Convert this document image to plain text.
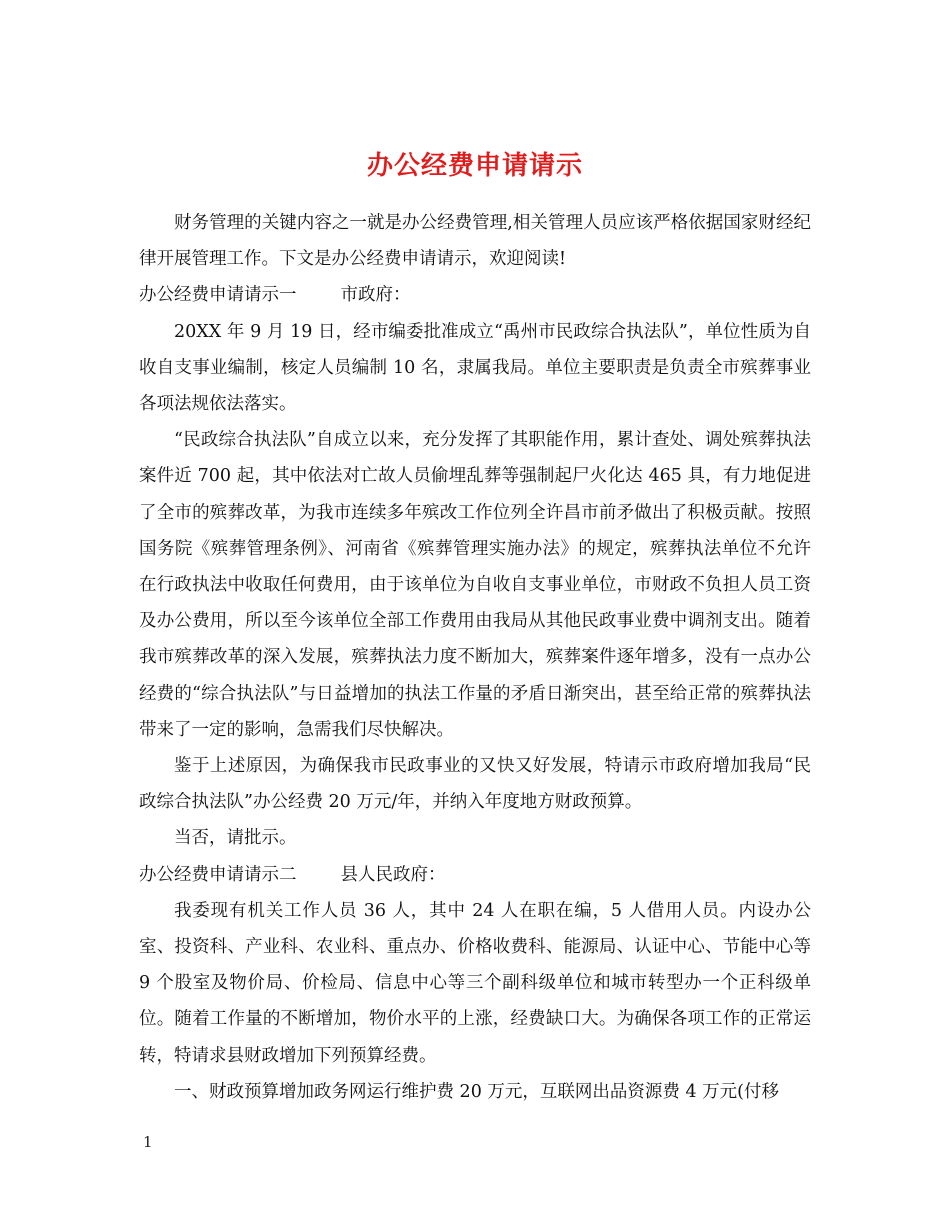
办公经费申请请示

财务管理的关键内容之一就是办公经费管理,相关管理人员应该严格依据国家财经纪律开展管理工作。下文是办公经费申请请示，欢迎阅读!

办公经费申请请示一	市政府：

20XX 年 9 月 19 日，经市编委批准成立“禹州市民政综合执法队”，单位性质为自收自支事业编制，核定人员编制 10 名，隶属我局。单位主要职责是负责全市殡葬事业各项法规依法落实。

“民政综合执法队”自成立以来，充分发挥了其职能作用，累计查处、调处殡葬执法案件近 700 起，其中依法对亡故人员偷埋乱葬等强制起尸火化达 465 具，有力地促进了全市的殡葬改革，为我市连续多年殡改工作位列全许昌市前矛做出了积极贡献。按照国务院《殡葬管理条例》、河南省《殡葬管理实施办法》的规定，殡葬执法单位不允许在行政执法中收取任何费用，由于该单位为自收自支事业单位，市财政不负担人员工资及办公费用，所以至今该单位全部工作费用由我局从其他民政事业费中调剂支出。随着我市殡葬改革的深入发展，殡葬执法力度不断加大，殡葬案件逐年增多，没有一点办公经费的“综合执法队”与日益增加的执法工作量的矛盾日渐突出，甚至给正常的殡葬执法带来了一定的影响，急需我们尽快解决。

鉴于上述原因，为确保我市民政事业的又快又好发展，特请示市政府增加我局“民政综合执法队”办公经费 20 万元/年，并纳入年度地方财政预算。

当否，请批示。

办公经费申请请示二	县人民政府：

我委现有机关工作人员 36 人，其中 24 人在职在编，5 人借用人员。内设办公室、投资科、产业科、农业科、重点办、价格收费科、能源局、认证中心、节能中心等 9 个股室及物价局、价检局、信息中心等三个副科级单位和城市转型办一个正科级单位。随着工作量的不断增加，物价水平的上涨，经费缺口大。为确保各项工作的正常运转，特请求县财政增加下列预算经费。

一、财政预算增加政务网运行维护费 20 万元，互联网出品资源费 4 万元(付移

1
